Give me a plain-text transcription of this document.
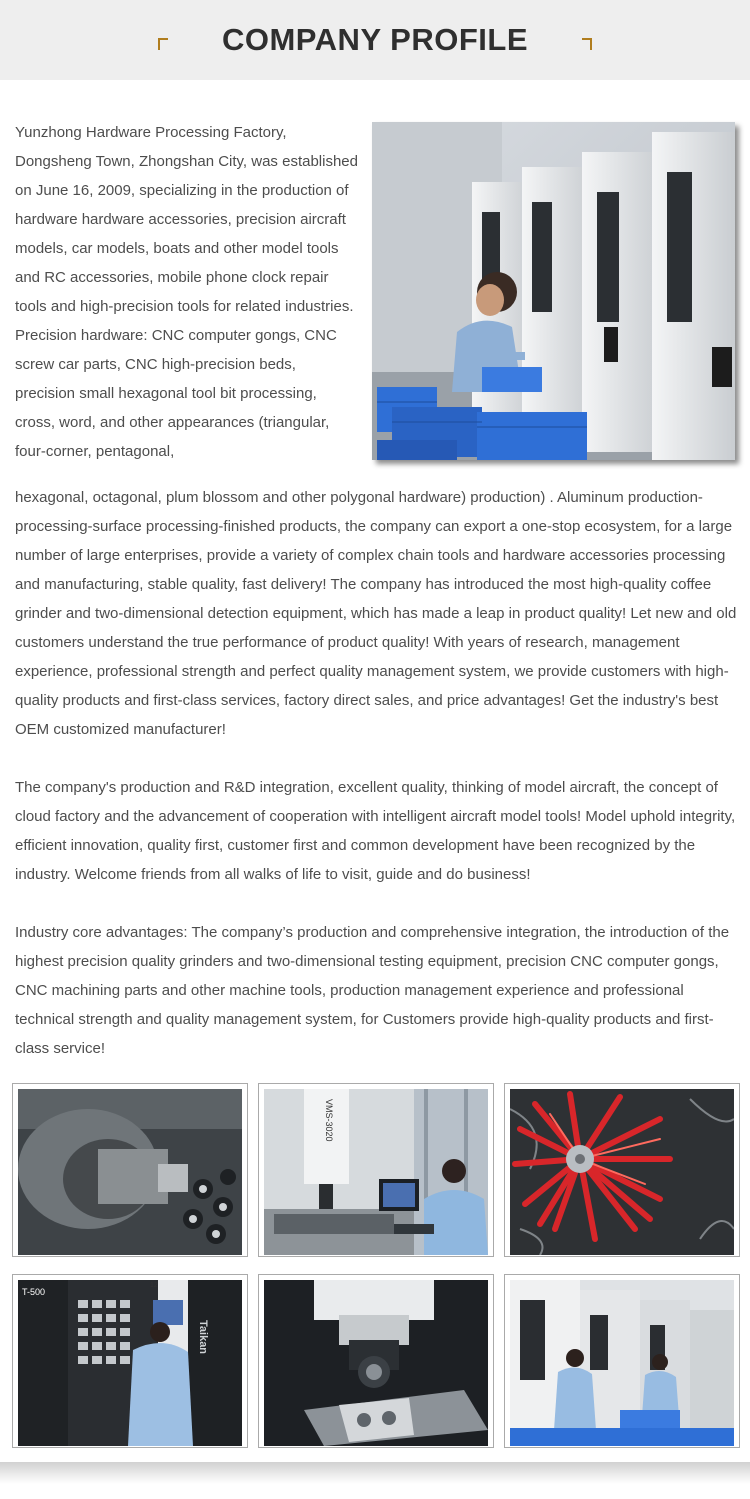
COMPANY PROFILE

Yunzhong Hardware Processing Factory, Dongsheng Town, Zhongshan City, was established on June 16, 2009, specializing in the production of hardware hardware accessories, precision aircraft models, car models, boats and other model tools and RC accessories, mobile phone clock repair tools and high-precision tools for related industries. Precision hardware: CNC computer gongs, CNC screw car parts, CNC high-precision beds, precision small hexagonal tool bit processing, cross, word, and other appearances (triangular, four-corner, pentagonal,

hexagonal, octagonal, plum blossom and other polygonal hardware) production) . Aluminum production-processing-surface processing-finished products, the company can export a one-stop ecosystem, for a large number of large enterprises, provide a variety of complex chain tools and hardware accessories processing and manufacturing, stable quality, fast delivery! The company has introduced the most high-quality coffee grinder and two-dimensional detection equipment, which has made a leap in product quality! Let new and old customers understand the true performance of product quality! With years of research, management experience, professional strength and perfect quality management system, we provide customers with high-quality products and first-class services, factory direct sales, and price advantages! Get the industry's best OEM customized manufacturer!

The company's production and R&D integration, excellent quality, thinking of model aircraft, the concept of cloud factory and the advancement of cooperation with intelligent aircraft model tools! Model uphold integrity, efficient innovation, quality first, customer first and common development have been recognized by the industry. Welcome friends from all walks of life to visit, guide and do business!

Industry core advantages: The company’s production and comprehensive integration, the introduction of the highest precision quality grinders and two-dimensional testing equipment, precision CNC computer gongs, CNC machining parts and other machine tools, production management experience and professional technical strength and quality management system, for Customers provide high-quality products and first-class service!

VMS-3020
T-500
12
Taikan
